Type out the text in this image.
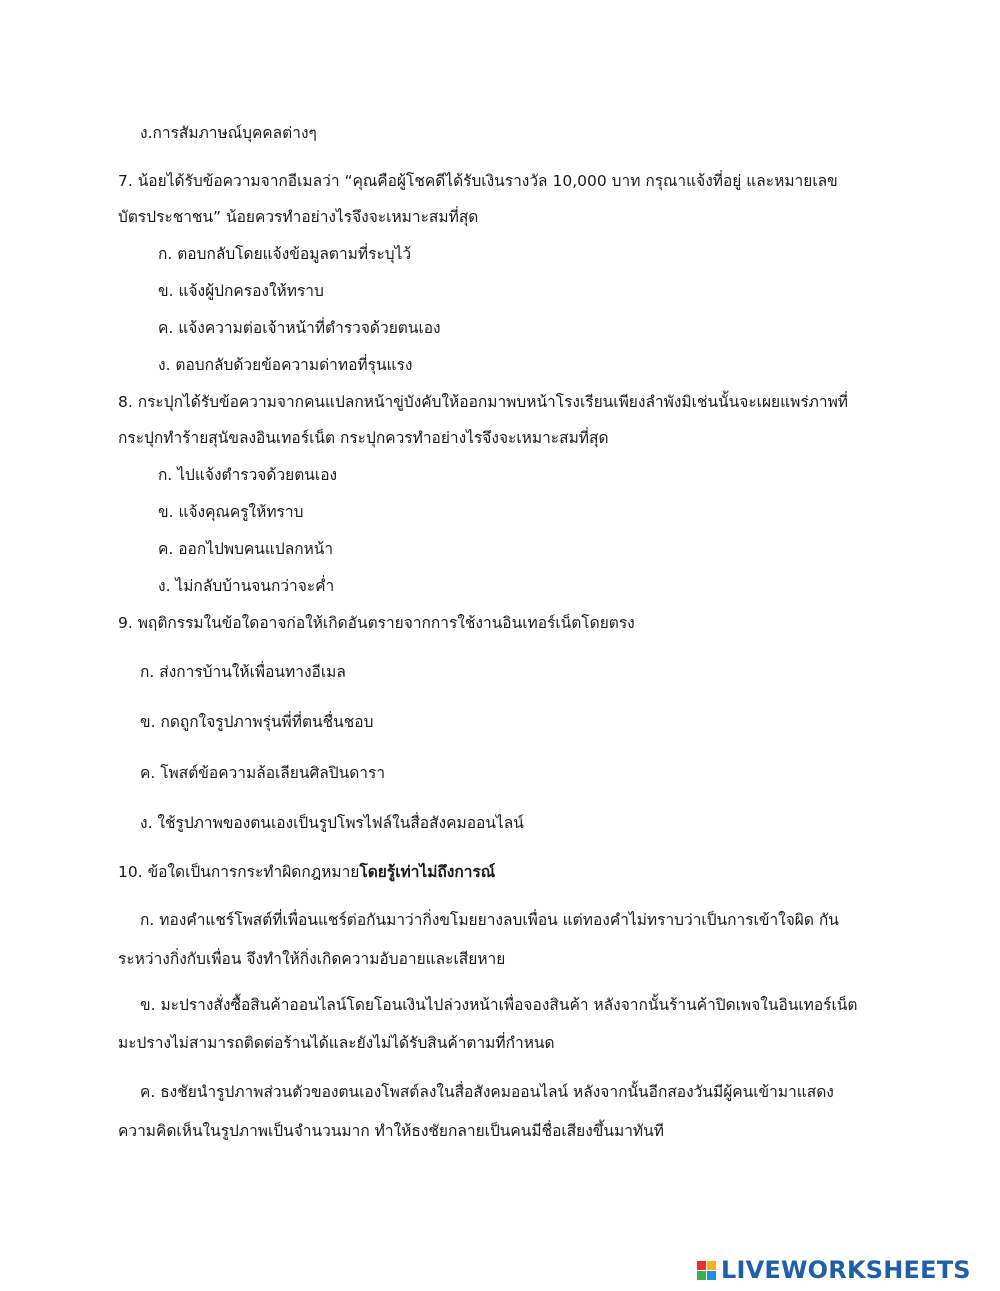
ง.การสัมภาษณ์บุคคลต่างๆ
7. น้อยได้รับข้อความจากอีเมลว่า “คุณคือผู้โชคดีได้รับเงินรางวัล 10,000 บาท กรุณาแจ้งที่อยู่ และหมายเลข
บัตรประชาชน” น้อยควรทำอย่างไรจึงจะเหมาะสมที่สุด
ก. ตอบกลับโดยแจ้งข้อมูลตามที่ระบุไว้
ข. แจ้งผู้ปกครองให้ทราบ
ค. แจ้งความต่อเจ้าหน้าที่ตำรวจด้วยตนเอง
ง. ตอบกลับด้วยข้อความด่าทอที่รุนแรง
8. กระปุกได้รับข้อความจากคนแปลกหน้าขู่บังคับให้ออกมาพบหน้าโรงเรียนเพียงลำพังมิเช่นนั้นจะเผยแพร่ภาพที่
กระปุกทำร้ายสุนัขลงอินเทอร์เน็ต กระปุกควรทำอย่างไรจึงจะเหมาะสมที่สุด
ก. ไปแจ้งตำรวจด้วยตนเอง
ข. แจ้งคุณครูให้ทราบ
ค. ออกไปพบคนแปลกหน้า
ง. ไม่กลับบ้านจนกว่าจะค่ำ
9. พฤติกรรมในข้อใดอาจก่อให้เกิดอันตรายจากการใช้งานอินเทอร์เน็ตโดยตรง
ก. ส่งการบ้านให้เพื่อนทางอีเมล
ข. กดถูกใจรูปภาพรุ่นพี่ที่ตนชื่นชอบ
ค. โพสต์ข้อความล้อเลียนศิลปินดารา
ง. ใช้รูปภาพของตนเองเป็นรูปโพรไฟล์ในสื่อสังคมออนไลน์
10. ข้อใดเป็นการกระทำผิดกฎหมายโดยรู้เท่าไม่ถึงการณ์
ก. ทองคำแชร์โพสต์ที่เพื่อนแชร์ต่อกันมาว่ากิ่งขโมยยางลบเพื่อน แต่ทองคำไม่ทราบว่าเป็นการเข้าใจผิด กัน
ระหว่างกิ่งกับเพื่อน จึงทำให้กิ่งเกิดความอับอายและเสียหาย
ข. มะปรางสั่งซื้อสินค้าออนไลน์โดยโอนเงินไปล่วงหน้าเพื่อจองสินค้า หลังจากนั้นร้านค้าปิดเพจในอินเทอร์เน็ต
มะปรางไม่สามารถติดต่อร้านได้และยังไม่ได้รับสินค้าตามที่กำหนด
ค. ธงชัยนำรูปภาพส่วนตัวของตนเองโพสต์ลงในสื่อสังคมออนไลน์ หลังจากนั้นอีกสองวันมีผู้คนเข้ามาแสดง
ความคิดเห็นในรูปภาพเป็นจำนวนมาก ทำให้ธงชัยกลายเป็นคนมีชื่อเสียงขึ้นมาทันที
LIVEWORKSHEETS
